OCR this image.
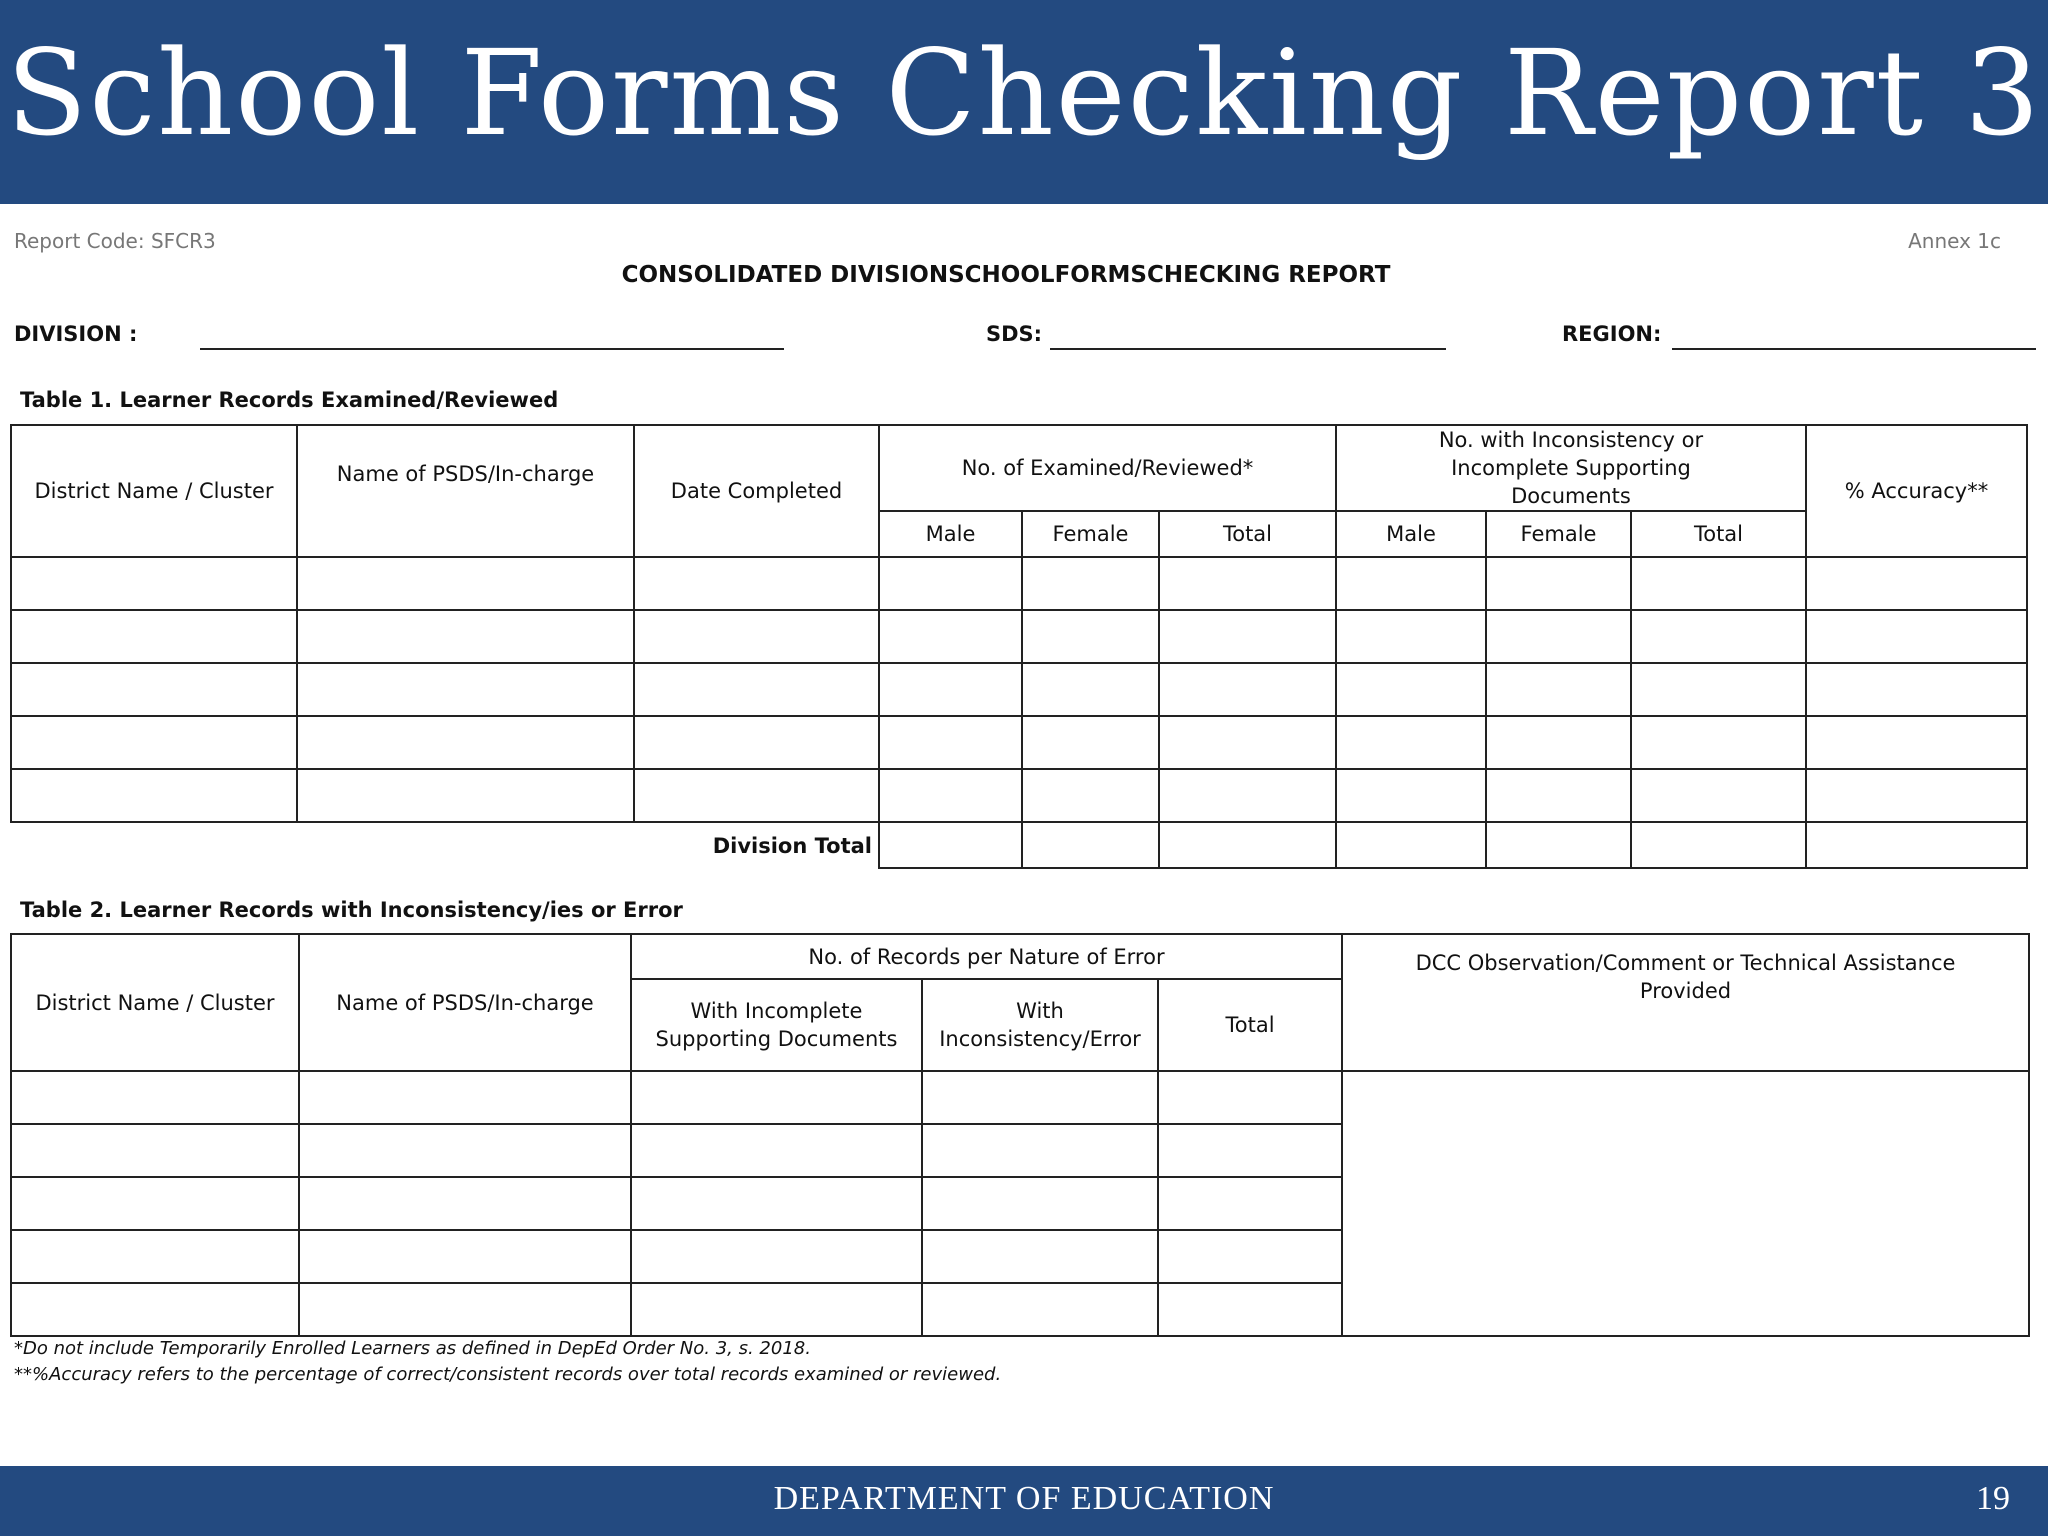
School Forms Checking Report 3
Report Code: SFCR3	Annex 1c
CONSOLIDATED DIVISIONSCHOOLFORMSCHECKING REPORT
DIVISION :	SDS:	REGION:
Table 1. Learner Records Examined/Reviewed
District Name / Cluster	Name of PSDS/In-charge	Date Completed	No. of Examined/Reviewed*			No. with Inconsistency or Incomplete Supporting Documents			% Accuracy**
			Male	Female	Total	Male	Female	Total	

Division Total									
Table 2. Learner Records with Inconsistency/ies or Error
District Name / Cluster	Name of PSDS/In-charge	No. of Records per Nature of Error			DCC Observation/Comment or Technical Assistance Provided
		With Incomplete Supporting Documents	With Inconsistency/Error	Total	

*Do not include Temporarily Enrolled Learners as defined in DepEd Order No. 3, s. 2018.
**%Accuracy refers to the percentage of correct/consistent records over total records examined or reviewed.
DEPARTMENT OF EDUCATION	19
